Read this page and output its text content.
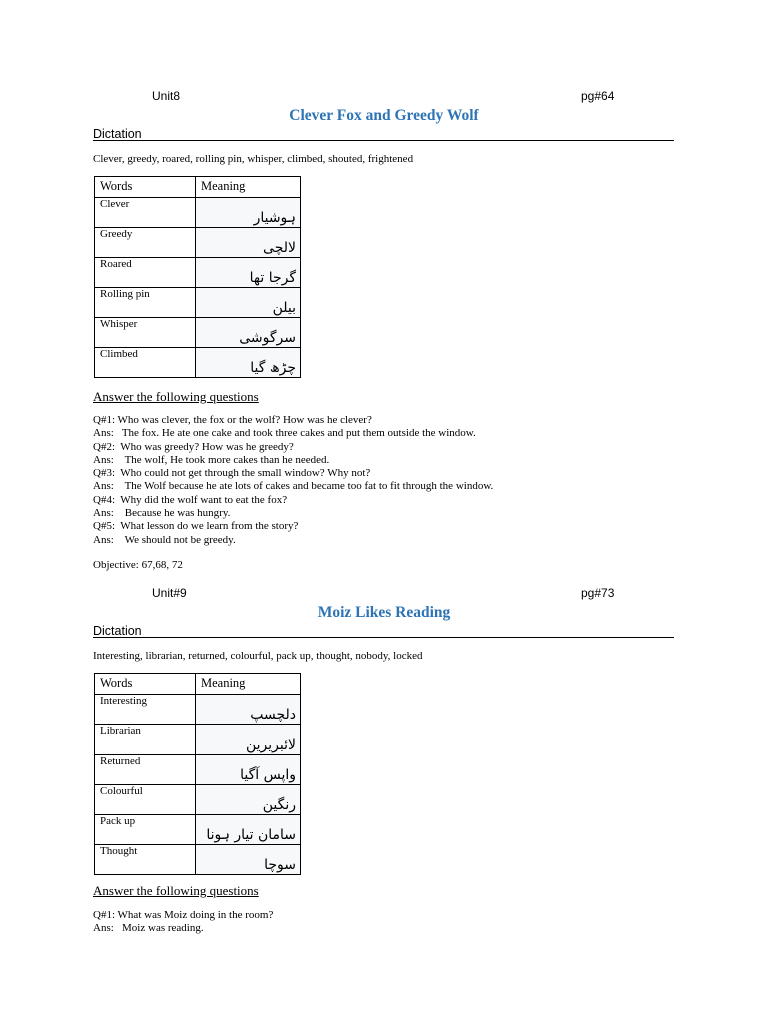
Unit8	pg#64
Clever Fox and Greedy Wolf
Dictation
Clever, greedy, roared, rolling pin, whisper, climbed, shouted, frightened
Words	Meaning
Clever	ہوشیار

Greedy	لالچی

Roared	گرجا تھا

Rolling pin	بیلن

Whisper	سرگوشی

Climbed	چڑھ گیا
Answer the following questions
Q#1: Who was clever, the fox or the wolf? How was he clever?
Ans:   The fox. He ate one cake and took three cakes and put them outside the window.
Q#2:  Who was greedy? How was he greedy?
Ans:    The wolf, He took more cakes than he needed.
Q#3:  Who could not get through the small window? Why not?
Ans:    The Wolf because he ate lots of cakes and became too fat to fit through the window.
Q#4:  Why did the wolf want to eat the fox?
Ans:    Because he was hungry.
Q#5:  What lesson do we learn from the story?
Ans:    We should not be greedy.
Objective: 67,68, 72
Unit#9	pg#73
Moiz Likes Reading
Dictation
Interesting, librarian, returned, colourful, pack up, thought, nobody, locked
Words	Meaning
Interesting	دلچسپ

Librarian	لائبریرین

Returned	واپس آگیا

Colourful	رنگین

Pack up	سامان تیار ہونا

Thought	سوچا
Answer the following questions
Q#1: What was Moiz doing in the room?
Ans:   Moiz was reading.
